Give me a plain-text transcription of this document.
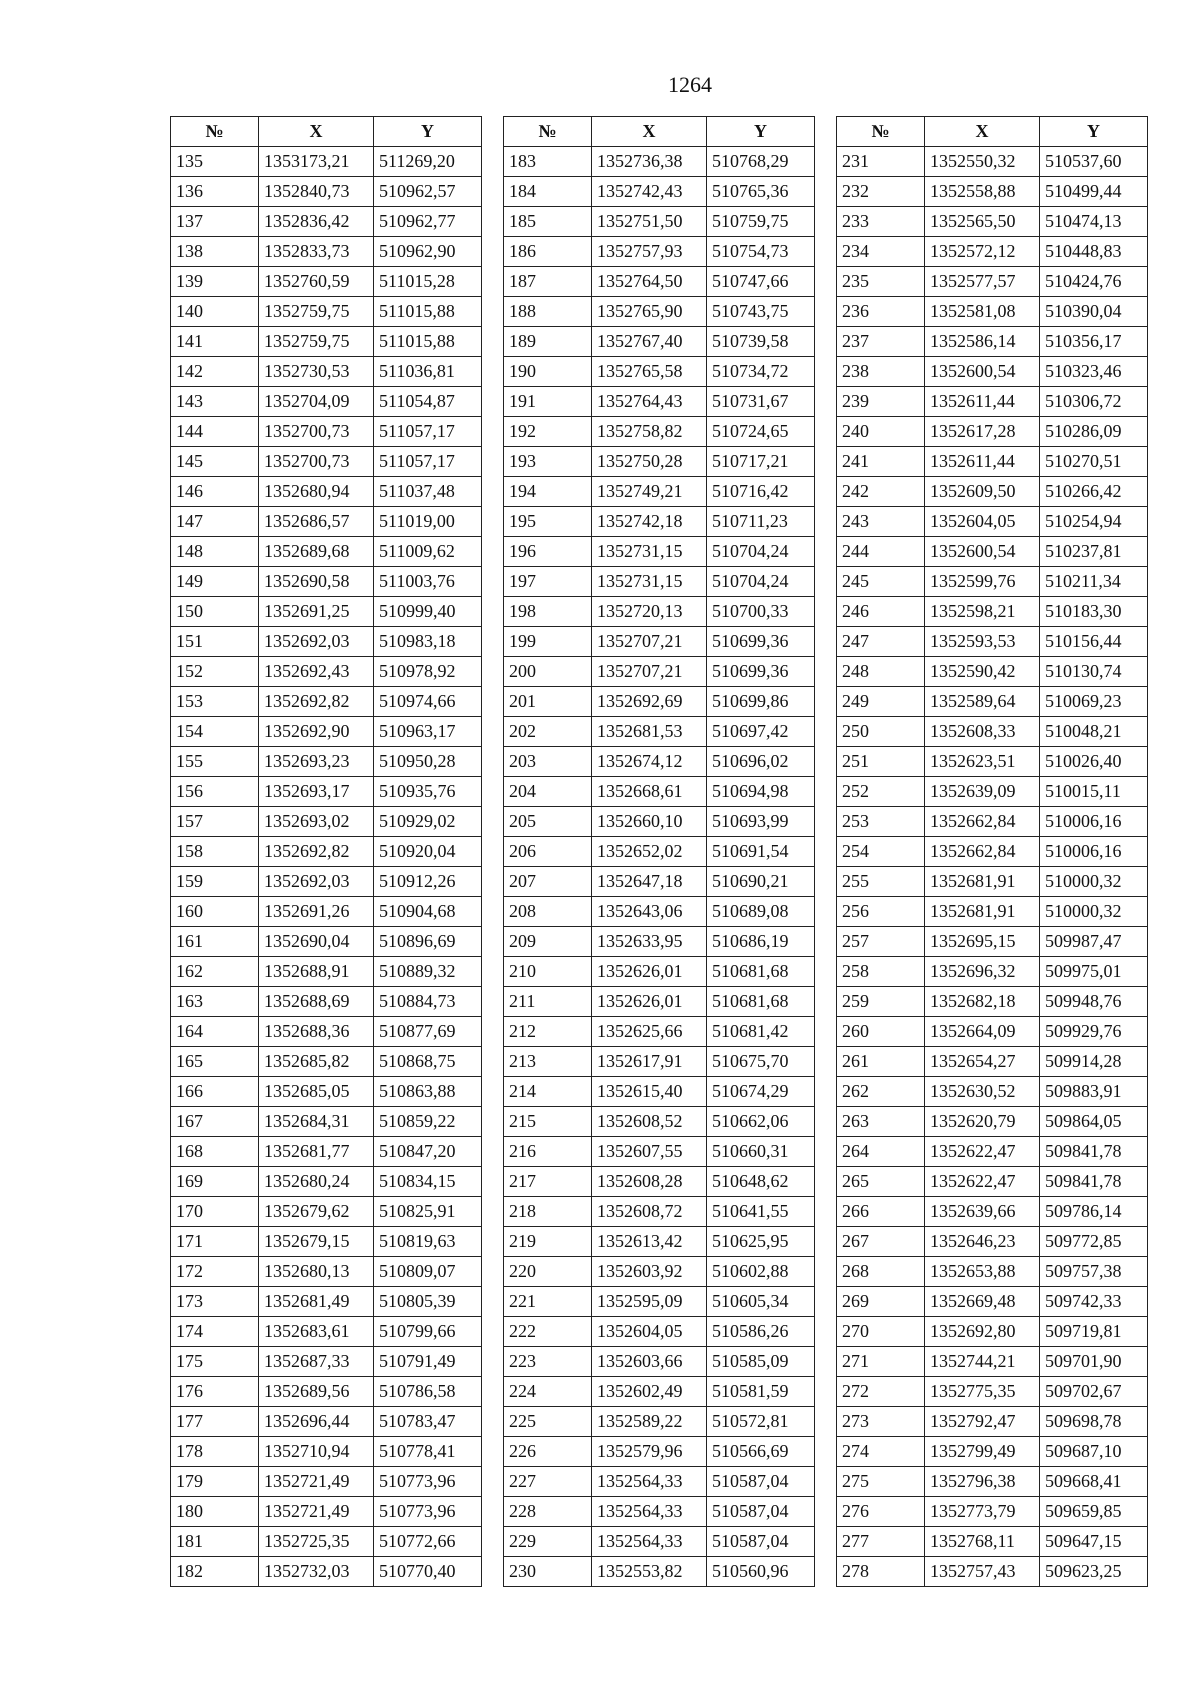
1264
№	X	Y
135	1353173,21	511269,20
136	1352840,73	510962,57
137	1352836,42	510962,77
138	1352833,73	510962,90
139	1352760,59	511015,28
140	1352759,75	511015,88
141	1352759,75	511015,88
142	1352730,53	511036,81
143	1352704,09	511054,87
144	1352700,73	511057,17
145	1352700,73	511057,17
146	1352680,94	511037,48
147	1352686,57	511019,00
148	1352689,68	511009,62
149	1352690,58	511003,76
150	1352691,25	510999,40
151	1352692,03	510983,18
152	1352692,43	510978,92
153	1352692,82	510974,66
154	1352692,90	510963,17
155	1352693,23	510950,28
156	1352693,17	510935,76
157	1352693,02	510929,02
158	1352692,82	510920,04
159	1352692,03	510912,26
160	1352691,26	510904,68
161	1352690,04	510896,69
162	1352688,91	510889,32
163	1352688,69	510884,73
164	1352688,36	510877,69
165	1352685,82	510868,75
166	1352685,05	510863,88
167	1352684,31	510859,22
168	1352681,77	510847,20
169	1352680,24	510834,15
170	1352679,62	510825,91
171	1352679,15	510819,63
172	1352680,13	510809,07
173	1352681,49	510805,39
174	1352683,61	510799,66
175	1352687,33	510791,49
176	1352689,56	510786,58
177	1352696,44	510783,47
178	1352710,94	510778,41
179	1352721,49	510773,96
180	1352721,49	510773,96
181	1352725,35	510772,66
182	1352732,03	510770,40
№	X	Y
183	1352736,38	510768,29
184	1352742,43	510765,36
185	1352751,50	510759,75
186	1352757,93	510754,73
187	1352764,50	510747,66
188	1352765,90	510743,75
189	1352767,40	510739,58
190	1352765,58	510734,72
191	1352764,43	510731,67
192	1352758,82	510724,65
193	1352750,28	510717,21
194	1352749,21	510716,42
195	1352742,18	510711,23
196	1352731,15	510704,24
197	1352731,15	510704,24
198	1352720,13	510700,33
199	1352707,21	510699,36
200	1352707,21	510699,36
201	1352692,69	510699,86
202	1352681,53	510697,42
203	1352674,12	510696,02
204	1352668,61	510694,98
205	1352660,10	510693,99
206	1352652,02	510691,54
207	1352647,18	510690,21
208	1352643,06	510689,08
209	1352633,95	510686,19
210	1352626,01	510681,68
211	1352626,01	510681,68
212	1352625,66	510681,42
213	1352617,91	510675,70
214	1352615,40	510674,29
215	1352608,52	510662,06
216	1352607,55	510660,31
217	1352608,28	510648,62
218	1352608,72	510641,55
219	1352613,42	510625,95
220	1352603,92	510602,88
221	1352595,09	510605,34
222	1352604,05	510586,26
223	1352603,66	510585,09
224	1352602,49	510581,59
225	1352589,22	510572,81
226	1352579,96	510566,69
227	1352564,33	510587,04
228	1352564,33	510587,04
229	1352564,33	510587,04
230	1352553,82	510560,96
№	X	Y
231	1352550,32	510537,60
232	1352558,88	510499,44
233	1352565,50	510474,13
234	1352572,12	510448,83
235	1352577,57	510424,76
236	1352581,08	510390,04
237	1352586,14	510356,17
238	1352600,54	510323,46
239	1352611,44	510306,72
240	1352617,28	510286,09
241	1352611,44	510270,51
242	1352609,50	510266,42
243	1352604,05	510254,94
244	1352600,54	510237,81
245	1352599,76	510211,34
246	1352598,21	510183,30
247	1352593,53	510156,44
248	1352590,42	510130,74
249	1352589,64	510069,23
250	1352608,33	510048,21
251	1352623,51	510026,40
252	1352639,09	510015,11
253	1352662,84	510006,16
254	1352662,84	510006,16
255	1352681,91	510000,32
256	1352681,91	510000,32
257	1352695,15	509987,47
258	1352696,32	509975,01
259	1352682,18	509948,76
260	1352664,09	509929,76
261	1352654,27	509914,28
262	1352630,52	509883,91
263	1352620,79	509864,05
264	1352622,47	509841,78
265	1352622,47	509841,78
266	1352639,66	509786,14
267	1352646,23	509772,85
268	1352653,88	509757,38
269	1352669,48	509742,33
270	1352692,80	509719,81
271	1352744,21	509701,90
272	1352775,35	509702,67
273	1352792,47	509698,78
274	1352799,49	509687,10
275	1352796,38	509668,41
276	1352773,79	509659,85
277	1352768,11	509647,15
278	1352757,43	509623,25
